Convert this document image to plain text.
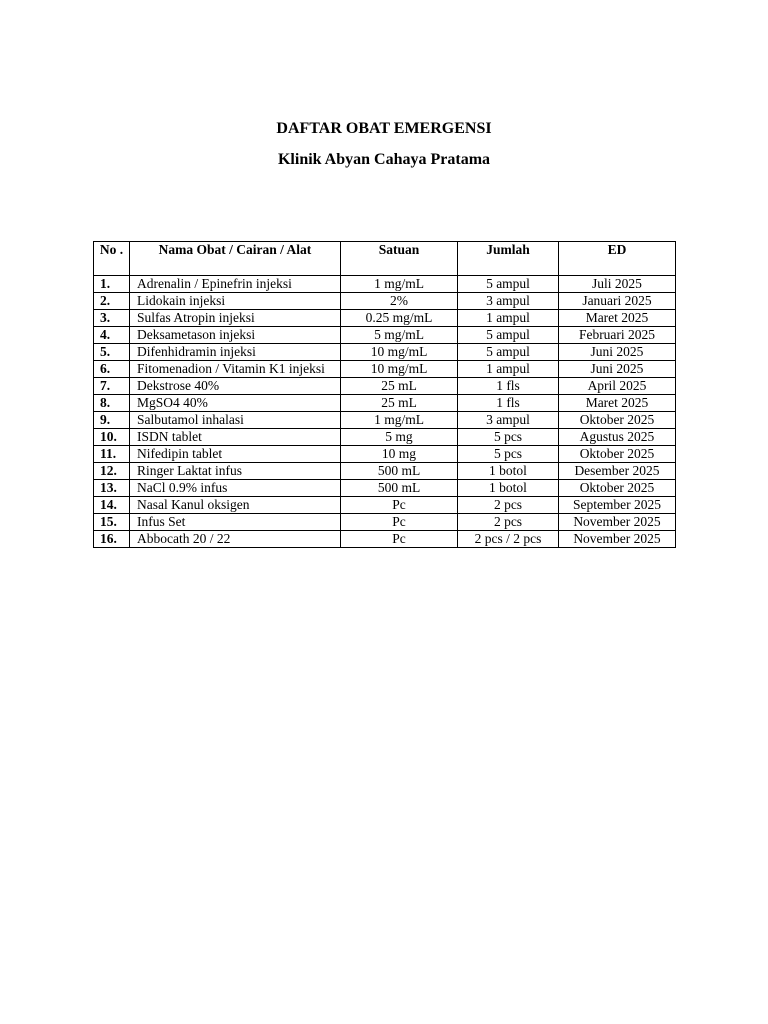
DAFTAR OBAT EMERGENSI
Klinik Abyan Cahaya Pratama
No .	Nama Obat / Cairan / Alat	Satuan	Jumlah	ED
1.	Adrenalin / Epinefrin injeksi	1 mg/mL	5 ampul	Juli 2025
2.	Lidokain injeksi	2%	3 ampul	Januari 2025
3.	Sulfas Atropin injeksi	0.25 mg/mL	1 ampul	Maret 2025
4.	Deksametason injeksi	5 mg/mL	5 ampul	Februari 2025
5.	Difenhidramin injeksi	10 mg/mL	5 ampul	Juni 2025
6.	Fitomenadion / Vitamin K1 injeksi	10 mg/mL	1 ampul	Juni 2025
7.	Dekstrose 40%	25 mL	1 fls	April 2025
8.	MgSO4 40%	25 mL	1 fls	Maret 2025
9.	Salbutamol inhalasi	1 mg/mL	3 ampul	Oktober 2025
10.	ISDN tablet	5 mg	5 pcs	Agustus 2025
11.	Nifedipin tablet	10 mg	5 pcs	Oktober 2025
12.	Ringer Laktat infus	500 mL	1 botol	Desember 2025
13.	NaCl 0.9% infus	500 mL	1 botol	Oktober 2025
14.	Nasal Kanul oksigen	Pc	2 pcs	September 2025
15.	Infus Set	Pc	2 pcs	November 2025
16.	Abbocath 20 / 22	Pc	2 pcs / 2 pcs	November 2025
